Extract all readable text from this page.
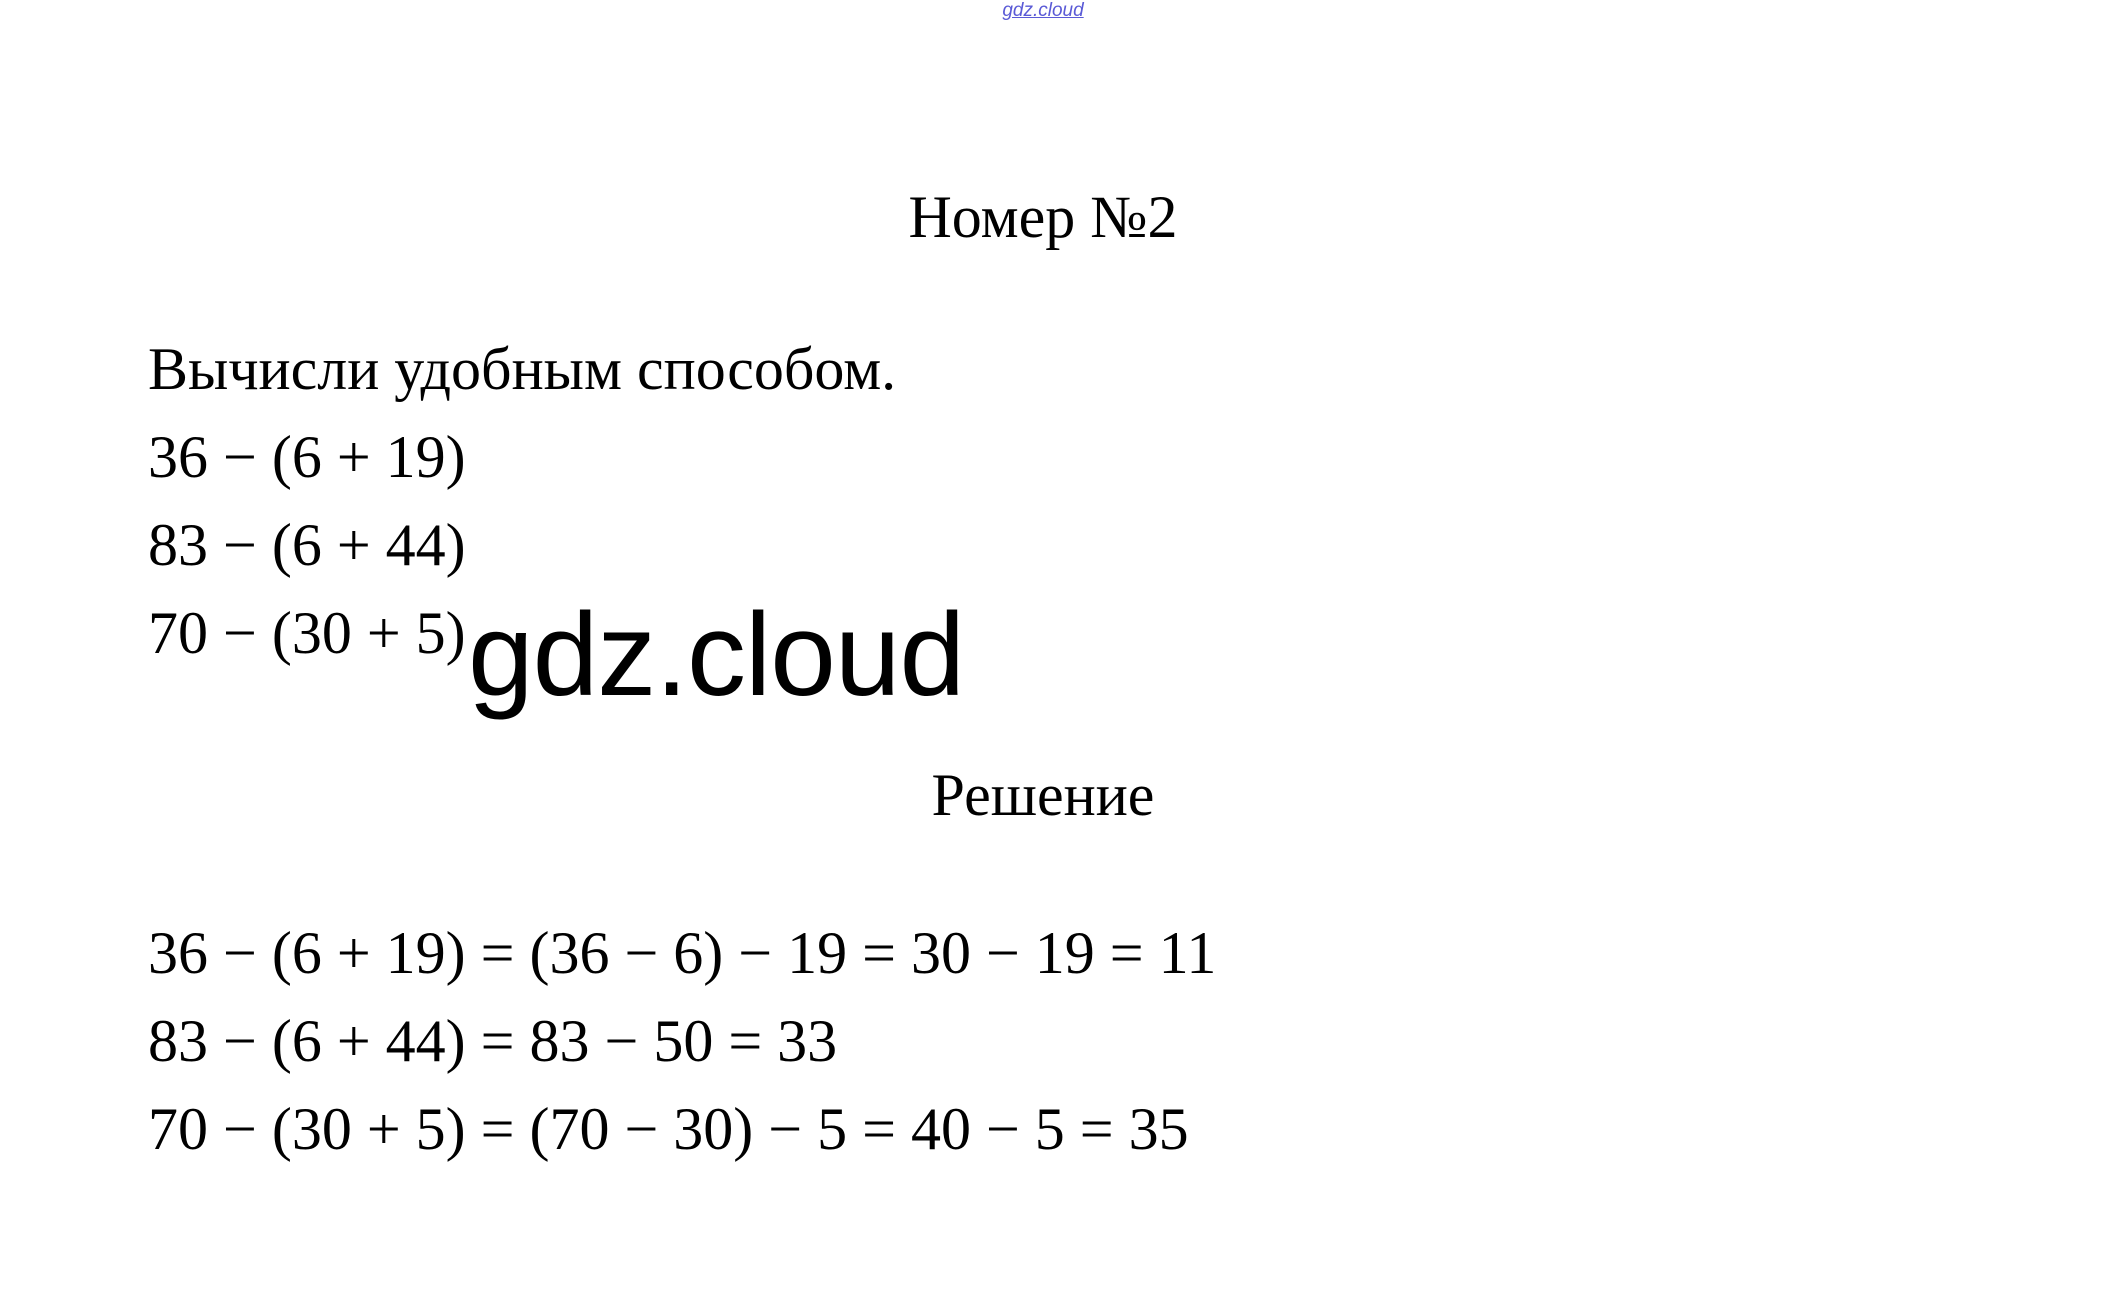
gdz.cloud
Номер №2
Вычисли удобным способом.
36 − (6 + 19)
83 − (6 + 44)
70 − (30 + 5) gdz.cloud
Решение
36 − (6 + 19) = (36 − 6) − 19 = 30 − 19 = 11
83 − (6 + 44) = 83 − 50 = 33
70 − (30 + 5) = (70 − 30) − 5 = 40 − 5 = 35
